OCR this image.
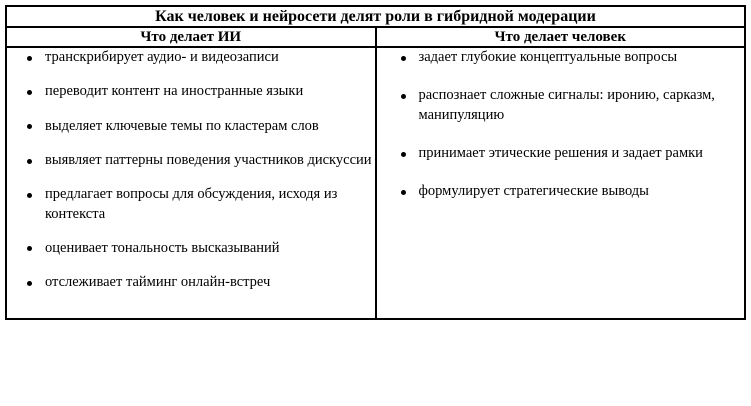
Как человек и нейросети делят роли в гибридной модерации	
Что делает ИИ	Что делает человек

транскрибирует аудио- и видеозаписи
переводит контент на иностранные языки
выделяет ключевые темы по кластерам слов
выявляет паттерны поведения участников дискуссии
предлагает вопросы для обсуждения, исходя из контекста
оценивает тональность высказываний
отслеживает тайминг онлайн-встреч

задает глубокие концептуальные вопросы
распознает сложные сигналы: иронию, сарказм, манипуляцию
принимает этические решения и задает рамки
формулирует стратегические выводы
